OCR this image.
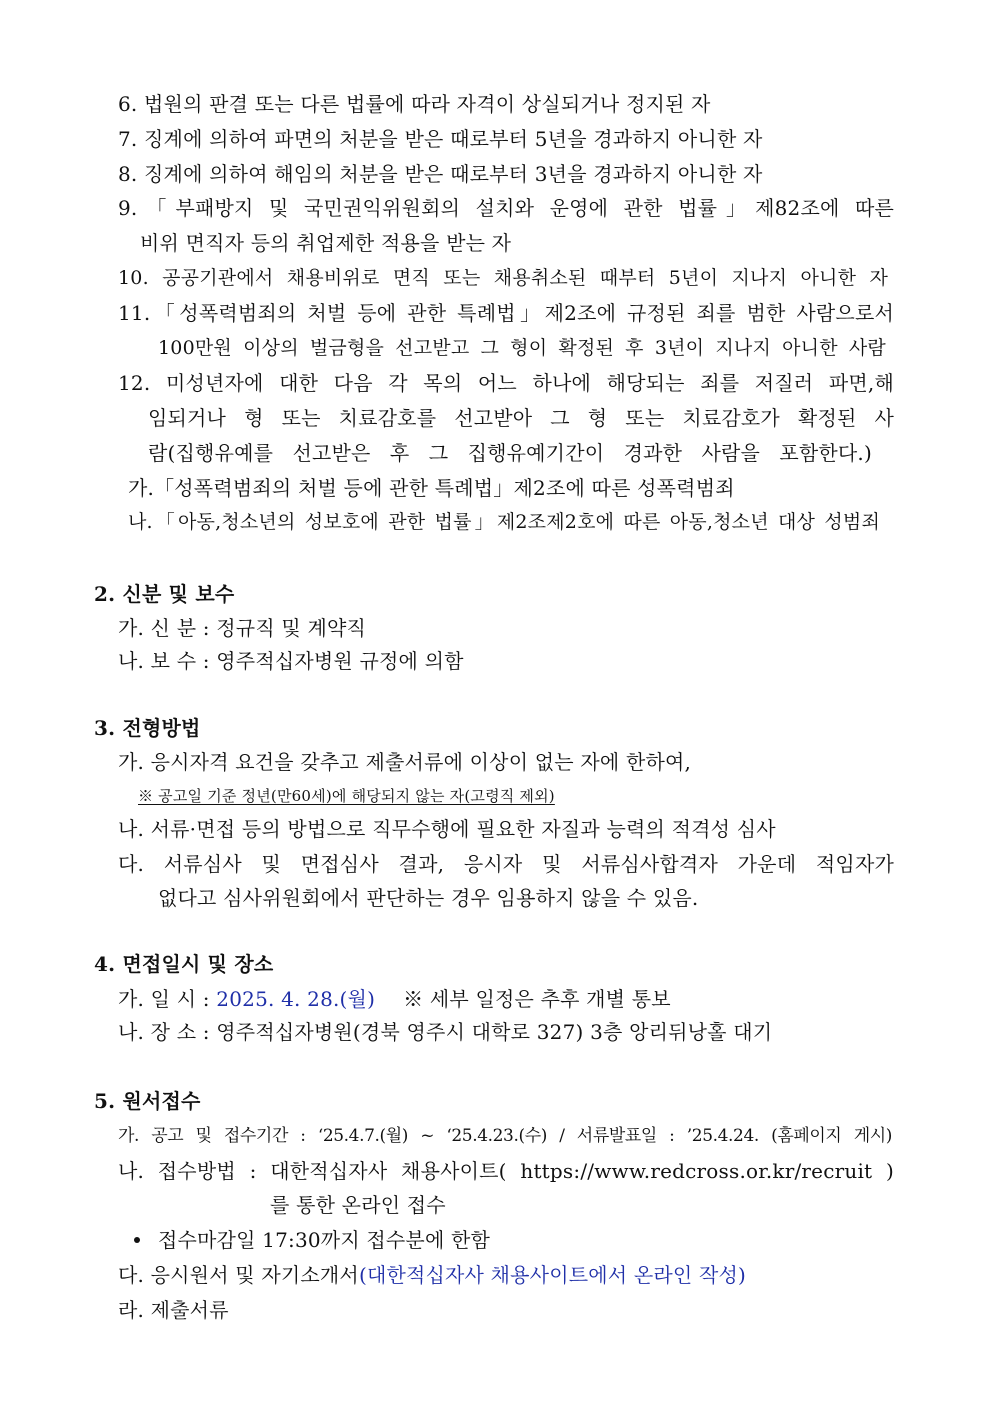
6. 법원의 판결 또는 다른 법률에 따라 자격이 상실되거나 정지된 자
7. 징계에 의하여 파면의 처분을 받은 때로부터 5년을 경과하지 아니한 자
8. 징계에 의하여 해임의 처분을 받은 때로부터 3년을 경과하지 아니한 자
9.「부패방지 및 국민권익위원회의 설치와 운영에 관한 법률」제82조에 따른
비위 면직자 등의 취업제한 적용을 받는 자
10. 공공기관에서 채용비위로 면직 또는 채용취소된 때부터 5년이 지나지 아니한 자
11.「성폭력범죄의 처벌 등에 관한 특례법」제2조에 규정된 죄를 범한 사람으로서
100만원 이상의 벌금형을 선고받고 그 형이 확정된 후 3년이 지나지 아니한 사람
12. 미성년자에 대한 다음 각 목의 어느 하나에 해당되는 죄를 저질러 파면,해
임되거나 형 또는 치료감호를 선고받아 그 형 또는 치료감호가 확정된 사
람(집행유예를 선고받은 후 그 집행유예기간이 경과한 사람을 포함한다.)
가.「성폭력범죄의 처벌 등에 관한 특례법」제2조에 따른 성폭력범죄
나.「아동,청소년의 성보호에 관한 법률」제2조제2호에 따른 아동,청소년 대상 성범죄
2. 신분 및 보수
가. 신 분 : 정규직 및 계약직
나. 보 수 : 영주적십자병원 규정에 의함
3. 전형방법
가. 응시자격 요건을 갖추고 제출서류에 이상이 없는 자에 한하여,
※ 공고일 기준 정년(만60세)에 해당되지 않는 자(고령직 제외)
나. 서류·면접 등의 방법으로 직무수행에 필요한 자질과 능력의 적격성 심사
다. 서류심사 및 면접심사 결과, 응시자 및 서류심사합격자 가운데 적임자가
없다고 심사위원회에서 판단하는 경우 임용하지 않을 수 있음.
4. 면접일시 및 장소
가. 일 시 : 2025. 4. 28.(월) ※ 세부 일정은 추후 개별 통보
나. 장 소 : 영주적십자병원(경북 영주시 대학로 327) 3층 앙리뒤낭홀 대기
5. 원서접수
가. 공고 및 접수기간 : ‘25.4.7.(월) ~ ‘25.4.23.(수) / 서류발표일 : ’25.4.24. (홈페이지 게시)
나. 접수방법 : 대한적십자사 채용사이트( https://www.redcross.or.kr/recruit )
를 통한 온라인 접수
접수마감일 17:30까지 접수분에 한함
다. 응시원서 및 자기소개서(대한적십자사 채용사이트에서 온라인 작성)
라. 제출서류
